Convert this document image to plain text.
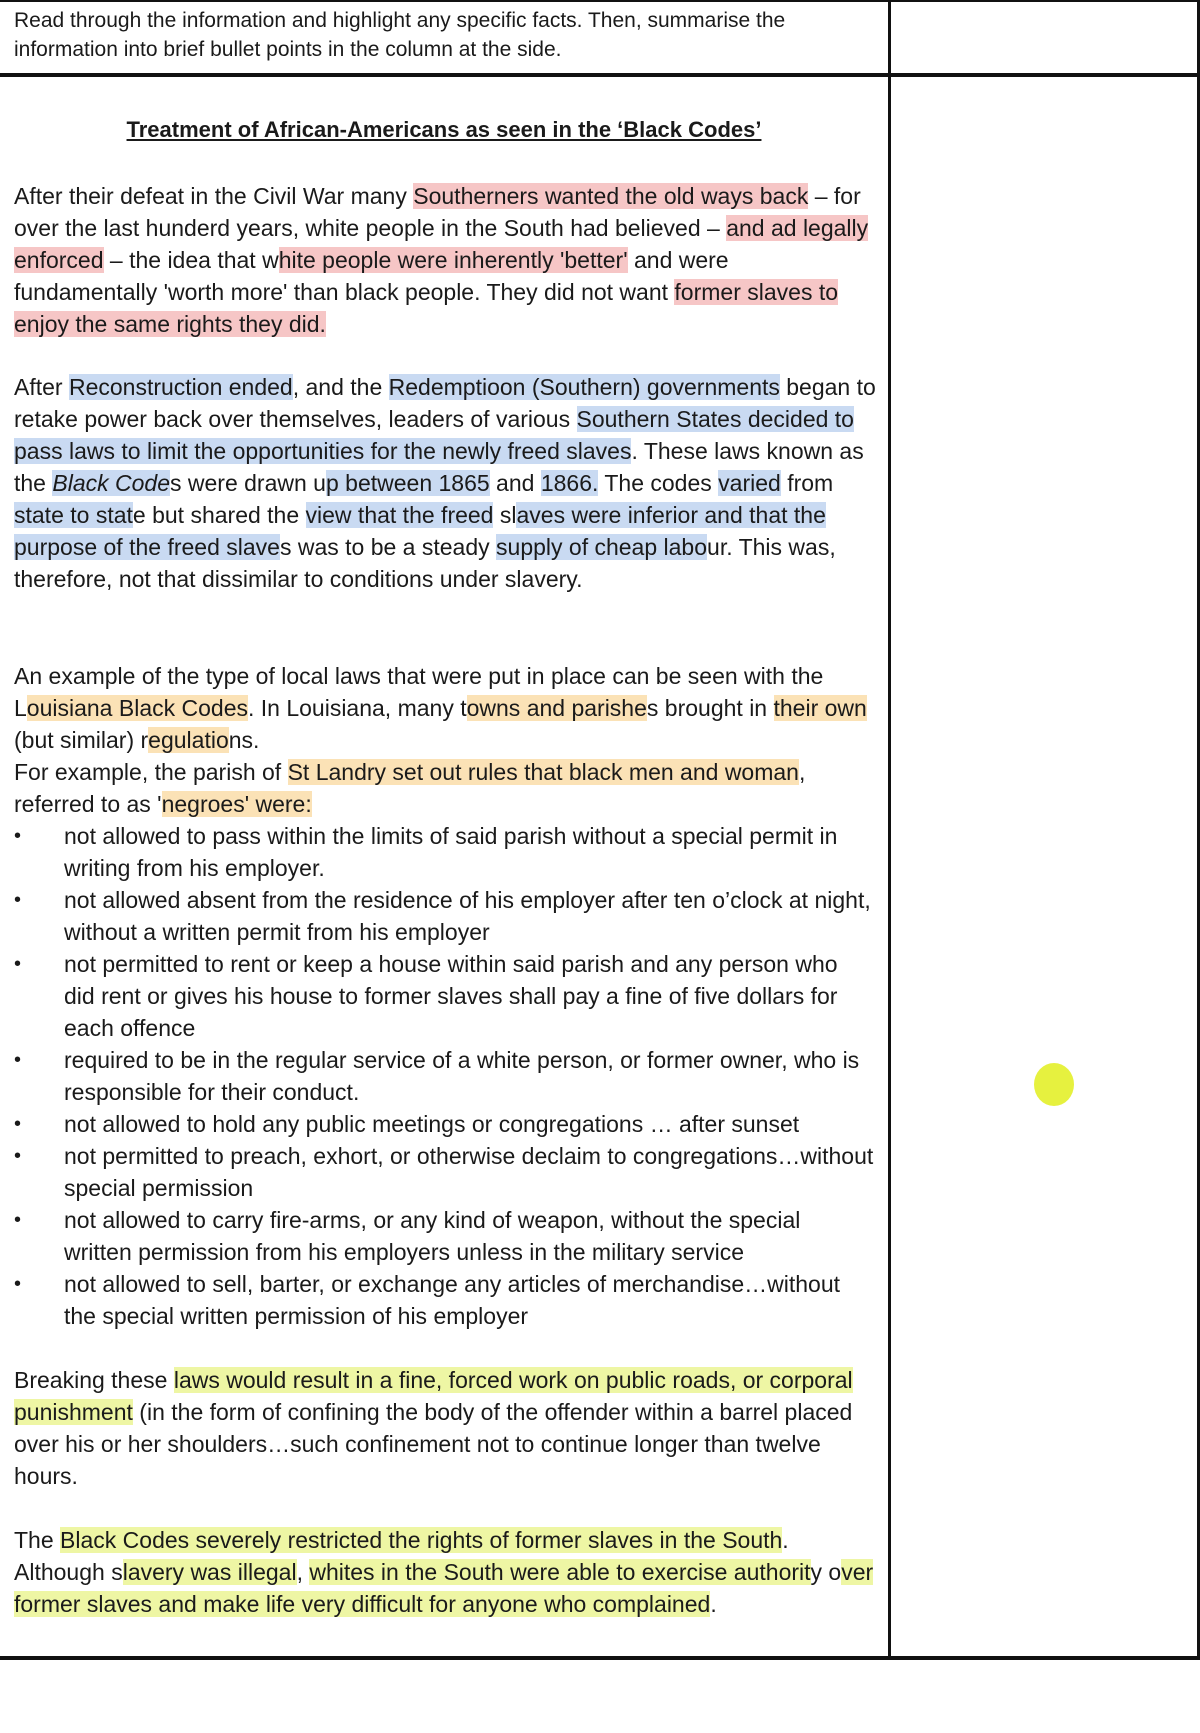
Read through the information and highlight any specific facts. Then, summarise the information into brief bullet points in the column at the side.
Treatment of African-Americans as seen in the ‘Black Codes’
After their defeat in the Civil War many Southerners wanted the old ways back – for over the last hunderd years, white people in the South had believed – and ad legally enforced – the idea that white people were inherently 'better' and were fundamentally 'worth more' than black people. They did not want former slaves to enjoy the same rights they did.
After Reconstruction ended, and the Redemptioon (Southern) governments began to retake power back over themselves, leaders of various Southern States decided to pass laws to limit the opportunities for the newly freed slaves. These laws known as the Black Codes were drawn up between 1865 and 1866. The codes varied from state to state but shared the view that the freed slaves were inferior and that the purpose of the freed slaves was to be a steady supply of cheap labour. This was, therefore, not that dissimilar to conditions under slavery.
An example of the type of local laws that were put in place can be seen with the Louisiana Black Codes. In Louisiana, many towns and parishes brought in their own (but similar) regulations.
For example, the parish of St Landry set out rules that black men and woman, referred to as 'negroes' were:
• not allowed to pass within the limits of said parish without a special permit in writing from his employer.
• not allowed absent from the residence of his employer after ten o’clock at night, without a written permit from his employer
• not permitted to rent or keep a house within said parish and any person who did rent or gives his house to former slaves shall pay a fine of five dollars for each offence
• required to be in the regular service of a white person, or former owner, who is responsible for their conduct.
• not allowed to hold any public meetings or congregations … after sunset
• not permitted to preach, exhort, or otherwise declaim to congregations…without special permission
• not allowed to carry fire-arms, or any kind of weapon, without the special written permission from his employers unless in the military service
• not allowed to sell, barter, or exchange any articles of merchandise…without the special written permission of his employer
Breaking these laws would result in a fine, forced work on public roads, or corporal punishment (in the form of confining the body of the offender within a barrel placed over his or her shoulders…such confinement not to continue longer than twelve hours.
The Black Codes severely restricted the rights of former slaves in the South.
Although slavery was illegal, whites in the South were able to exercise authority over former slaves and make life very difficult for anyone who complained.
